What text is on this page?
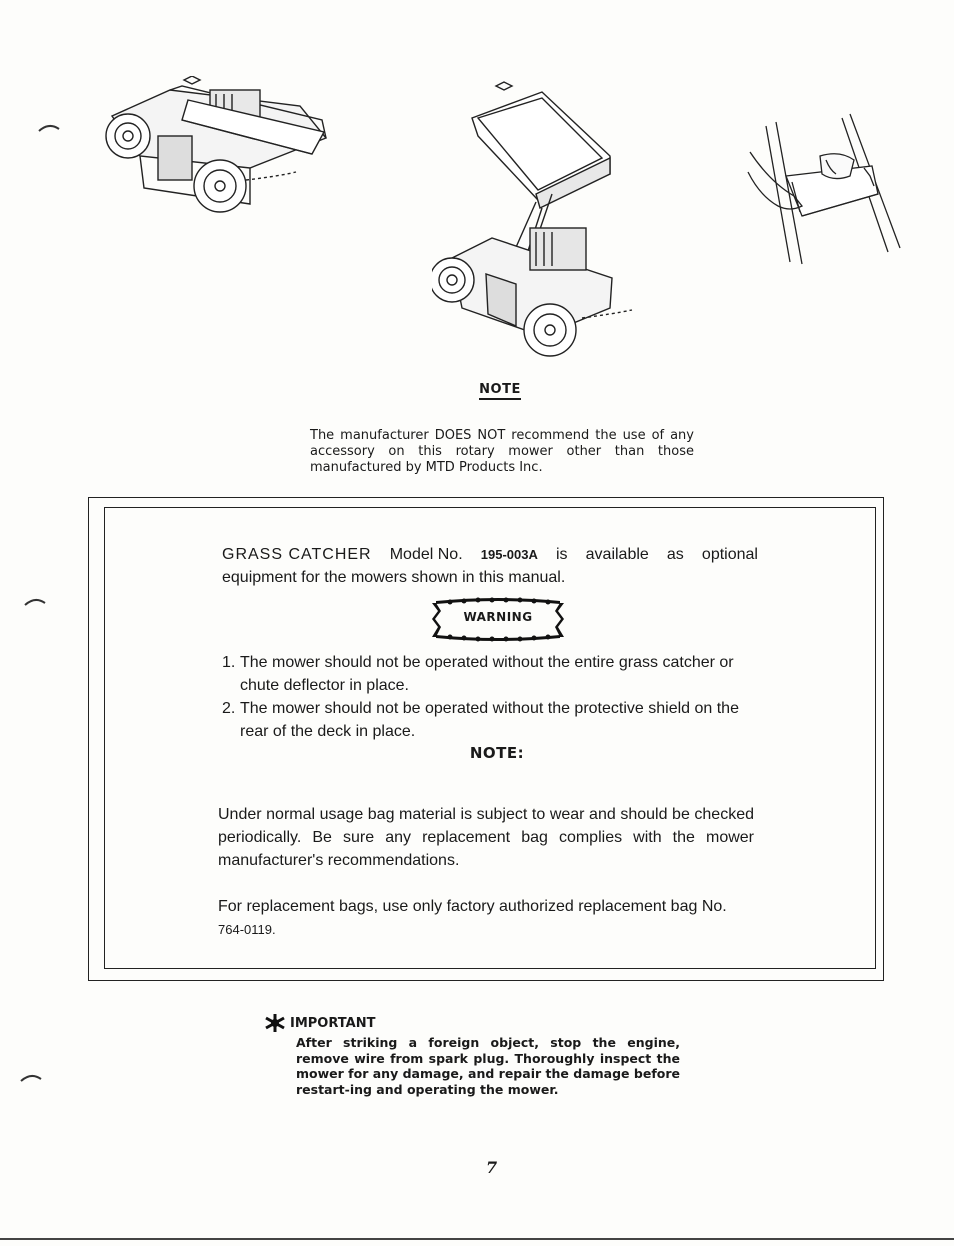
NOTE
The manufacturer DOES NOT recommend the use of any accessory on this rotary mower other than those manufactured by MTD Products Inc.
GRASS CATCHER Model No. 195-003A is available as optional
equipment for the mowers shown in this manual.
WARNING
1. The mower should not be operated without the entire grass catcher or chute deflector in place.
2. The mower should not be operated without the protective shield on the rear of the deck in place.
NOTE:
Under normal usage bag material is subject to wear and should be checked periodically. Be sure any replacement bag complies with the mower manufacturer's recommendations.
For replacement bags, use only factory authorized replacement bag No.
764-0119.
IMPORTANT
After striking a foreign object, stop the engine, remove wire from spark plug. Thoroughly inspect the mower for any damage, and repair the damage before restart-ing and operating the mower.
7
